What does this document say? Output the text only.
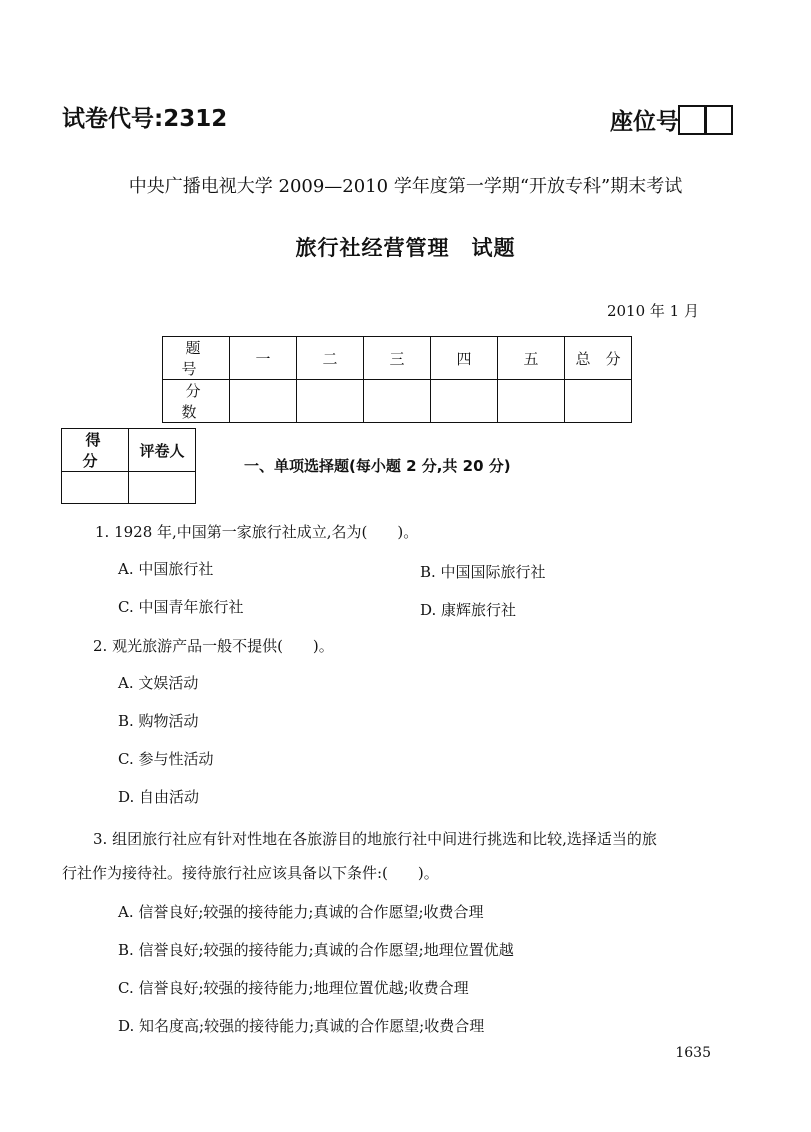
试卷代号:2312	座位号
中央广播电视大学 2009—2010 学年度第一学期“开放专科”期末考试
旅行社经营管理　试题
2010 年 1 月
题　号	一	二	三	四	五	总　分
分　数						
得　分	评卷人

一、单项选择题(每小题 2 分,共 20 分)
1. 1928 年,中国第一家旅行社成立,名为(　　)。
A. 中国旅行社	B. 中国国际旅行社
C. 中国青年旅行社	D. 康辉旅行社
2. 观光旅游产品一般不提供(　　)。
A. 文娱活动
B. 购物活动
C. 参与性活动
D. 自由活动
3. 组团旅行社应有针对性地在各旅游目的地旅行社中间进行挑选和比较,选择适当的旅
行社作为接待社。接待旅行社应该具备以下条件:(　　)。
A. 信誉良好;较强的接待能力;真诚的合作愿望;收费合理
B. 信誉良好;较强的接待能力;真诚的合作愿望;地理位置优越
C. 信誉良好;较强的接待能力;地理位置优越;收费合理
D. 知名度高;较强的接待能力;真诚的合作愿望;收费合理
1635
